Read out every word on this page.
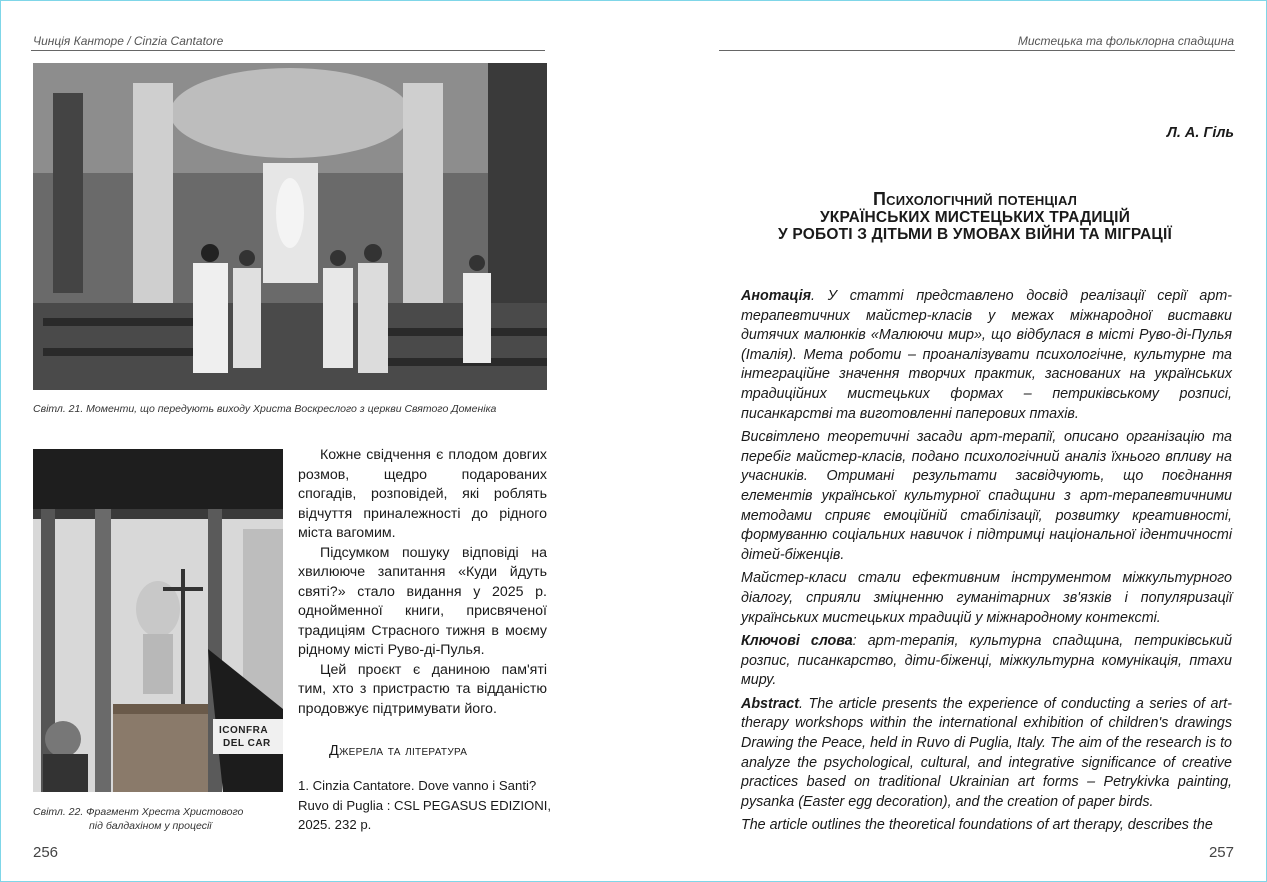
Чинція Канторе / Cinzia Cantatore
Світл. 21. Моменти, що передують виходу Христа Воскреслого з церкви Святого Доменіка
ICONFRA
DEL CAR
Світл. 22. Фрагмент Хреста Христового
під балдахіном у процесії

Кожне свідчення є плодом довгих розмов, щедро подарованих спогадів, розповідей, які роблять відчуття приналежності до рідного міста вагомим.

Підсумком пошуку відповіді на хвилююче запитання «Куди йдуть святі?» стало видання у 2025 р. однойменної книги, присвяченої традиціям Страсного тижня в моєму рідному місті Руво-ді-Пулья.

Цей проєкт є даниною пам'яті тим, хто з пристрастю та відданістю продовжує підтримувати його.

Джерела та література
1. Cinzia Cantatore. Dove vanno i Santi?
Ruvo di Puglia : CSL PEGASUS EDIZIONI,
2025. 232 p.
256
Мистецька та фольклорна спадщина
Л. А. Гіль
Психологічний потенціал
УКРАЇНСЬКИХ МИСТЕЦЬКИХ ТРАДИЦІЙ
У РОБОТІ З ДІТЬМИ В УМОВАХ ВІЙНИ ТА МІГРАЦІЇ

Анотація. У статті представлено досвід реалізації серії арт-терапевтичних майстер-класів у межах міжнародної виставки дитячих малюнків «Малюючи мир», що відбулася в місті Руво-ді-Пулья (Італія). Мета роботи – проаналізувати психологічне, культурне та інтеграційне значення творчих практик, заснованих на українських традиційних мистецьких формах – петриківському розписі, писанкарстві та виготовленні паперових птахів.

Висвітлено теоретичні засади арт-терапії, описано організацію та перебіг майстер-класів, подано психологічний аналіз їхнього впливу на учасників. Отримані результати засвідчують, що поєднання елементів української культурної спадщини з арт-терапевтичними методами сприяє емоційній стабілізації, розвитку креативності, формуванню соціальних навичок і підтримці національної ідентичності дітей-біженців.

Майстер-класи стали ефективним інструментом міжкультурного діалогу, сприяли зміцненню гуманітарних зв'язків і популяризації українських мистецьких традицій у міжнародному контексті.

Ключові слова: арт-терапія, культурна спадщина, петриківський розпис, писанкарство, діти-біженці, міжкультурна комунікація, птахи миру.

Abstract. The article presents the experience of conducting a series of art-therapy workshops within the international exhibition of children's drawings Drawing the Peace, held in Ruvo di Puglia, Italy. The aim of the research is to analyze the psychological, cultural, and integrative significance of creative practices based on traditional Ukrainian art forms – Petrykivka painting, pysanka (Easter egg decoration), and the creation of paper birds.

The article outlines the theoretical foundations of art therapy, describes the

257
